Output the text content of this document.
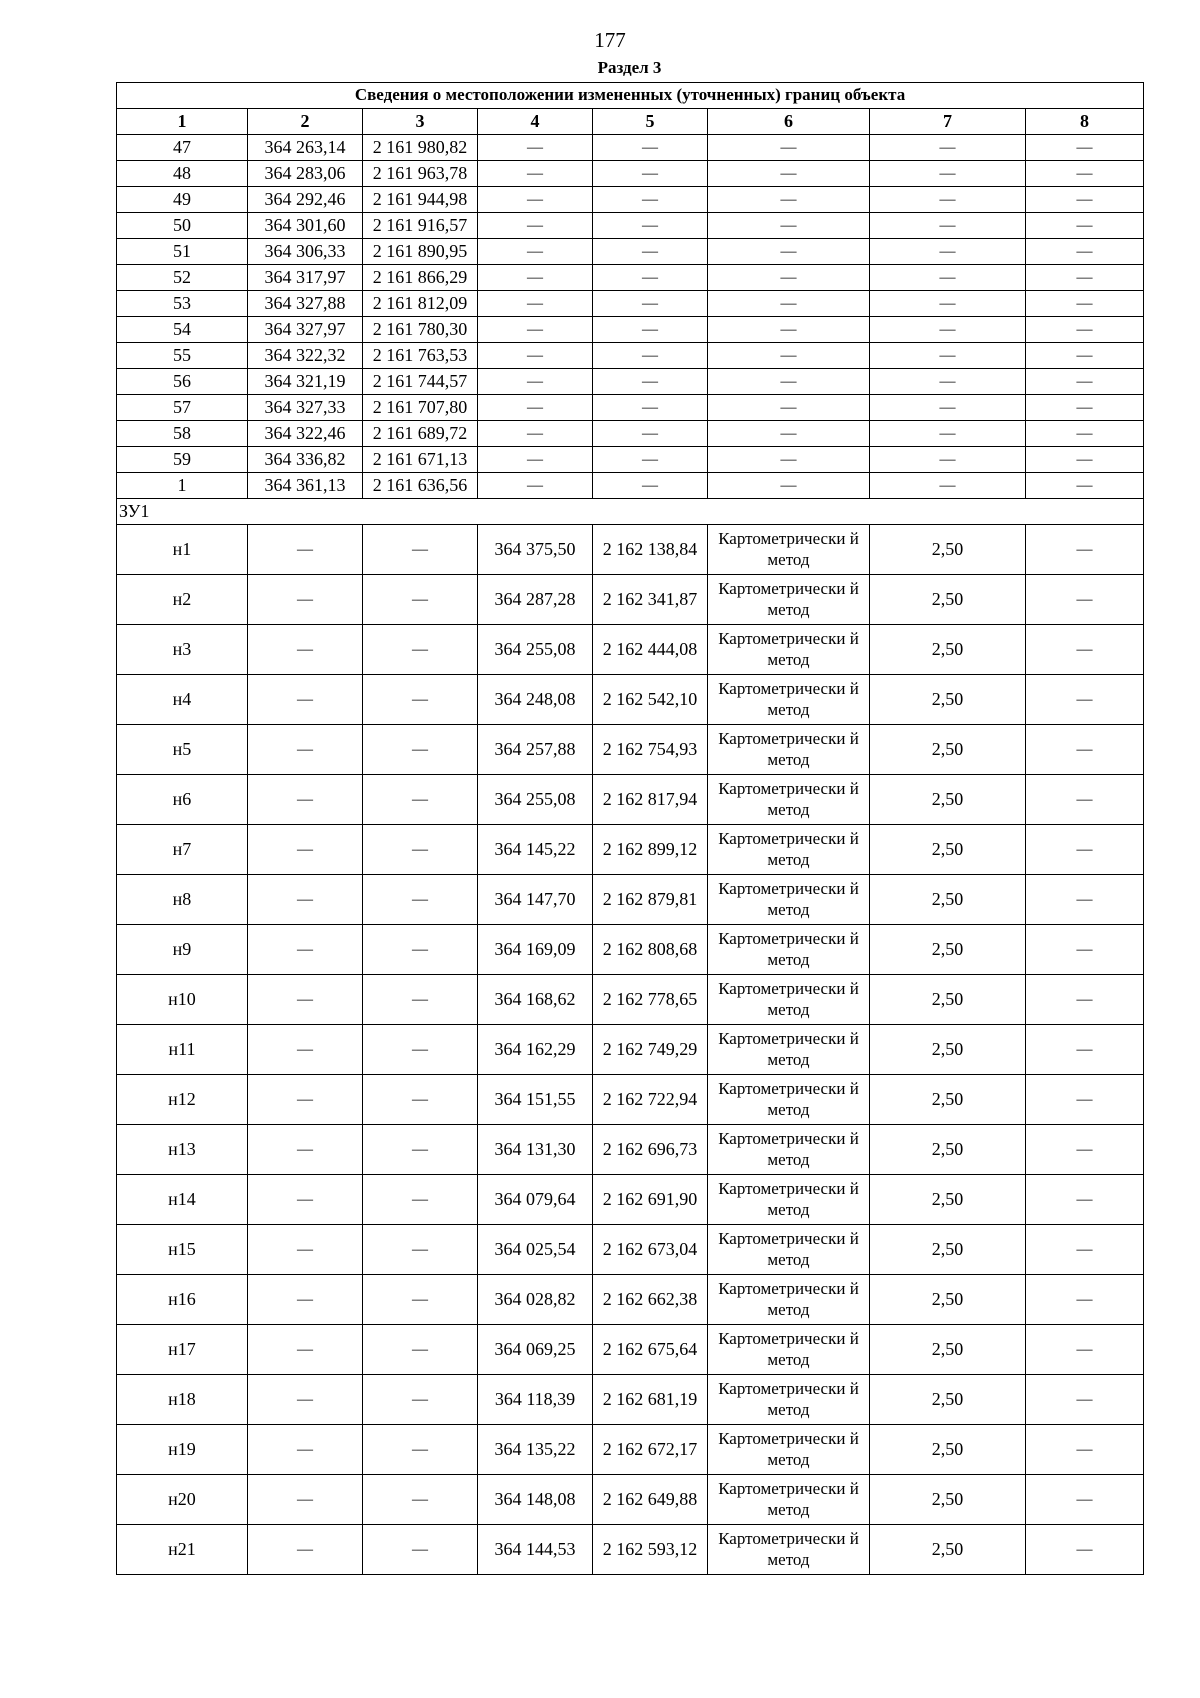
177
Раздел 3
Сведения о местоположении измененных (уточненных) границ объекта							
1	2	3	4	5	6	7	8
47	364 263,14	2 161 980,82	—	—	—	—	—
48	364 283,06	2 161 963,78	—	—	—	—	—
49	364 292,46	2 161 944,98	—	—	—	—	—
50	364 301,60	2 161 916,57	—	—	—	—	—
51	364 306,33	2 161 890,95	—	—	—	—	—
52	364 317,97	2 161 866,29	—	—	—	—	—
53	364 327,88	2 161 812,09	—	—	—	—	—
54	364 327,97	2 161 780,30	—	—	—	—	—
55	364 322,32	2 161 763,53	—	—	—	—	—
56	364 321,19	2 161 744,57	—	—	—	—	—
57	364 327,33	2 161 707,80	—	—	—	—	—
58	364 322,46	2 161 689,72	—	—	—	—	—
59	364 336,82	2 161 671,13	—	—	—	—	—
1	364 361,13	2 161 636,56	—	—	—	—	—
ЗУ1							
н1	—	—	364 375,50	2 162 138,84	Картометрически й метод	2,50	—
н2	—	—	364 287,28	2 162 341,87	Картометрически й метод	2,50	—
н3	—	—	364 255,08	2 162 444,08	Картометрически й метод	2,50	—
н4	—	—	364 248,08	2 162 542,10	Картометрически й метод	2,50	—
н5	—	—	364 257,88	2 162 754,93	Картометрически й метод	2,50	—
н6	—	—	364 255,08	2 162 817,94	Картометрически й метод	2,50	—
н7	—	—	364 145,22	2 162 899,12	Картометрически й метод	2,50	—
н8	—	—	364 147,70	2 162 879,81	Картометрически й метод	2,50	—
н9	—	—	364 169,09	2 162 808,68	Картометрически й метод	2,50	—
н10	—	—	364 168,62	2 162 778,65	Картометрически й метод	2,50	—
н11	—	—	364 162,29	2 162 749,29	Картометрически й метод	2,50	—
н12	—	—	364 151,55	2 162 722,94	Картометрически й метод	2,50	—
н13	—	—	364 131,30	2 162 696,73	Картометрически й метод	2,50	—
н14	—	—	364 079,64	2 162 691,90	Картометрически й метод	2,50	—
н15	—	—	364 025,54	2 162 673,04	Картометрически й метод	2,50	—
н16	—	—	364 028,82	2 162 662,38	Картометрически й метод	2,50	—
н17	—	—	364 069,25	2 162 675,64	Картометрически й метод	2,50	—
н18	—	—	364 118,39	2 162 681,19	Картометрически й метод	2,50	—
н19	—	—	364 135,22	2 162 672,17	Картометрически й метод	2,50	—
н20	—	—	364 148,08	2 162 649,88	Картометрически й метод	2,50	—
н21	—	—	364 144,53	2 162 593,12	Картометрически й метод	2,50	—
